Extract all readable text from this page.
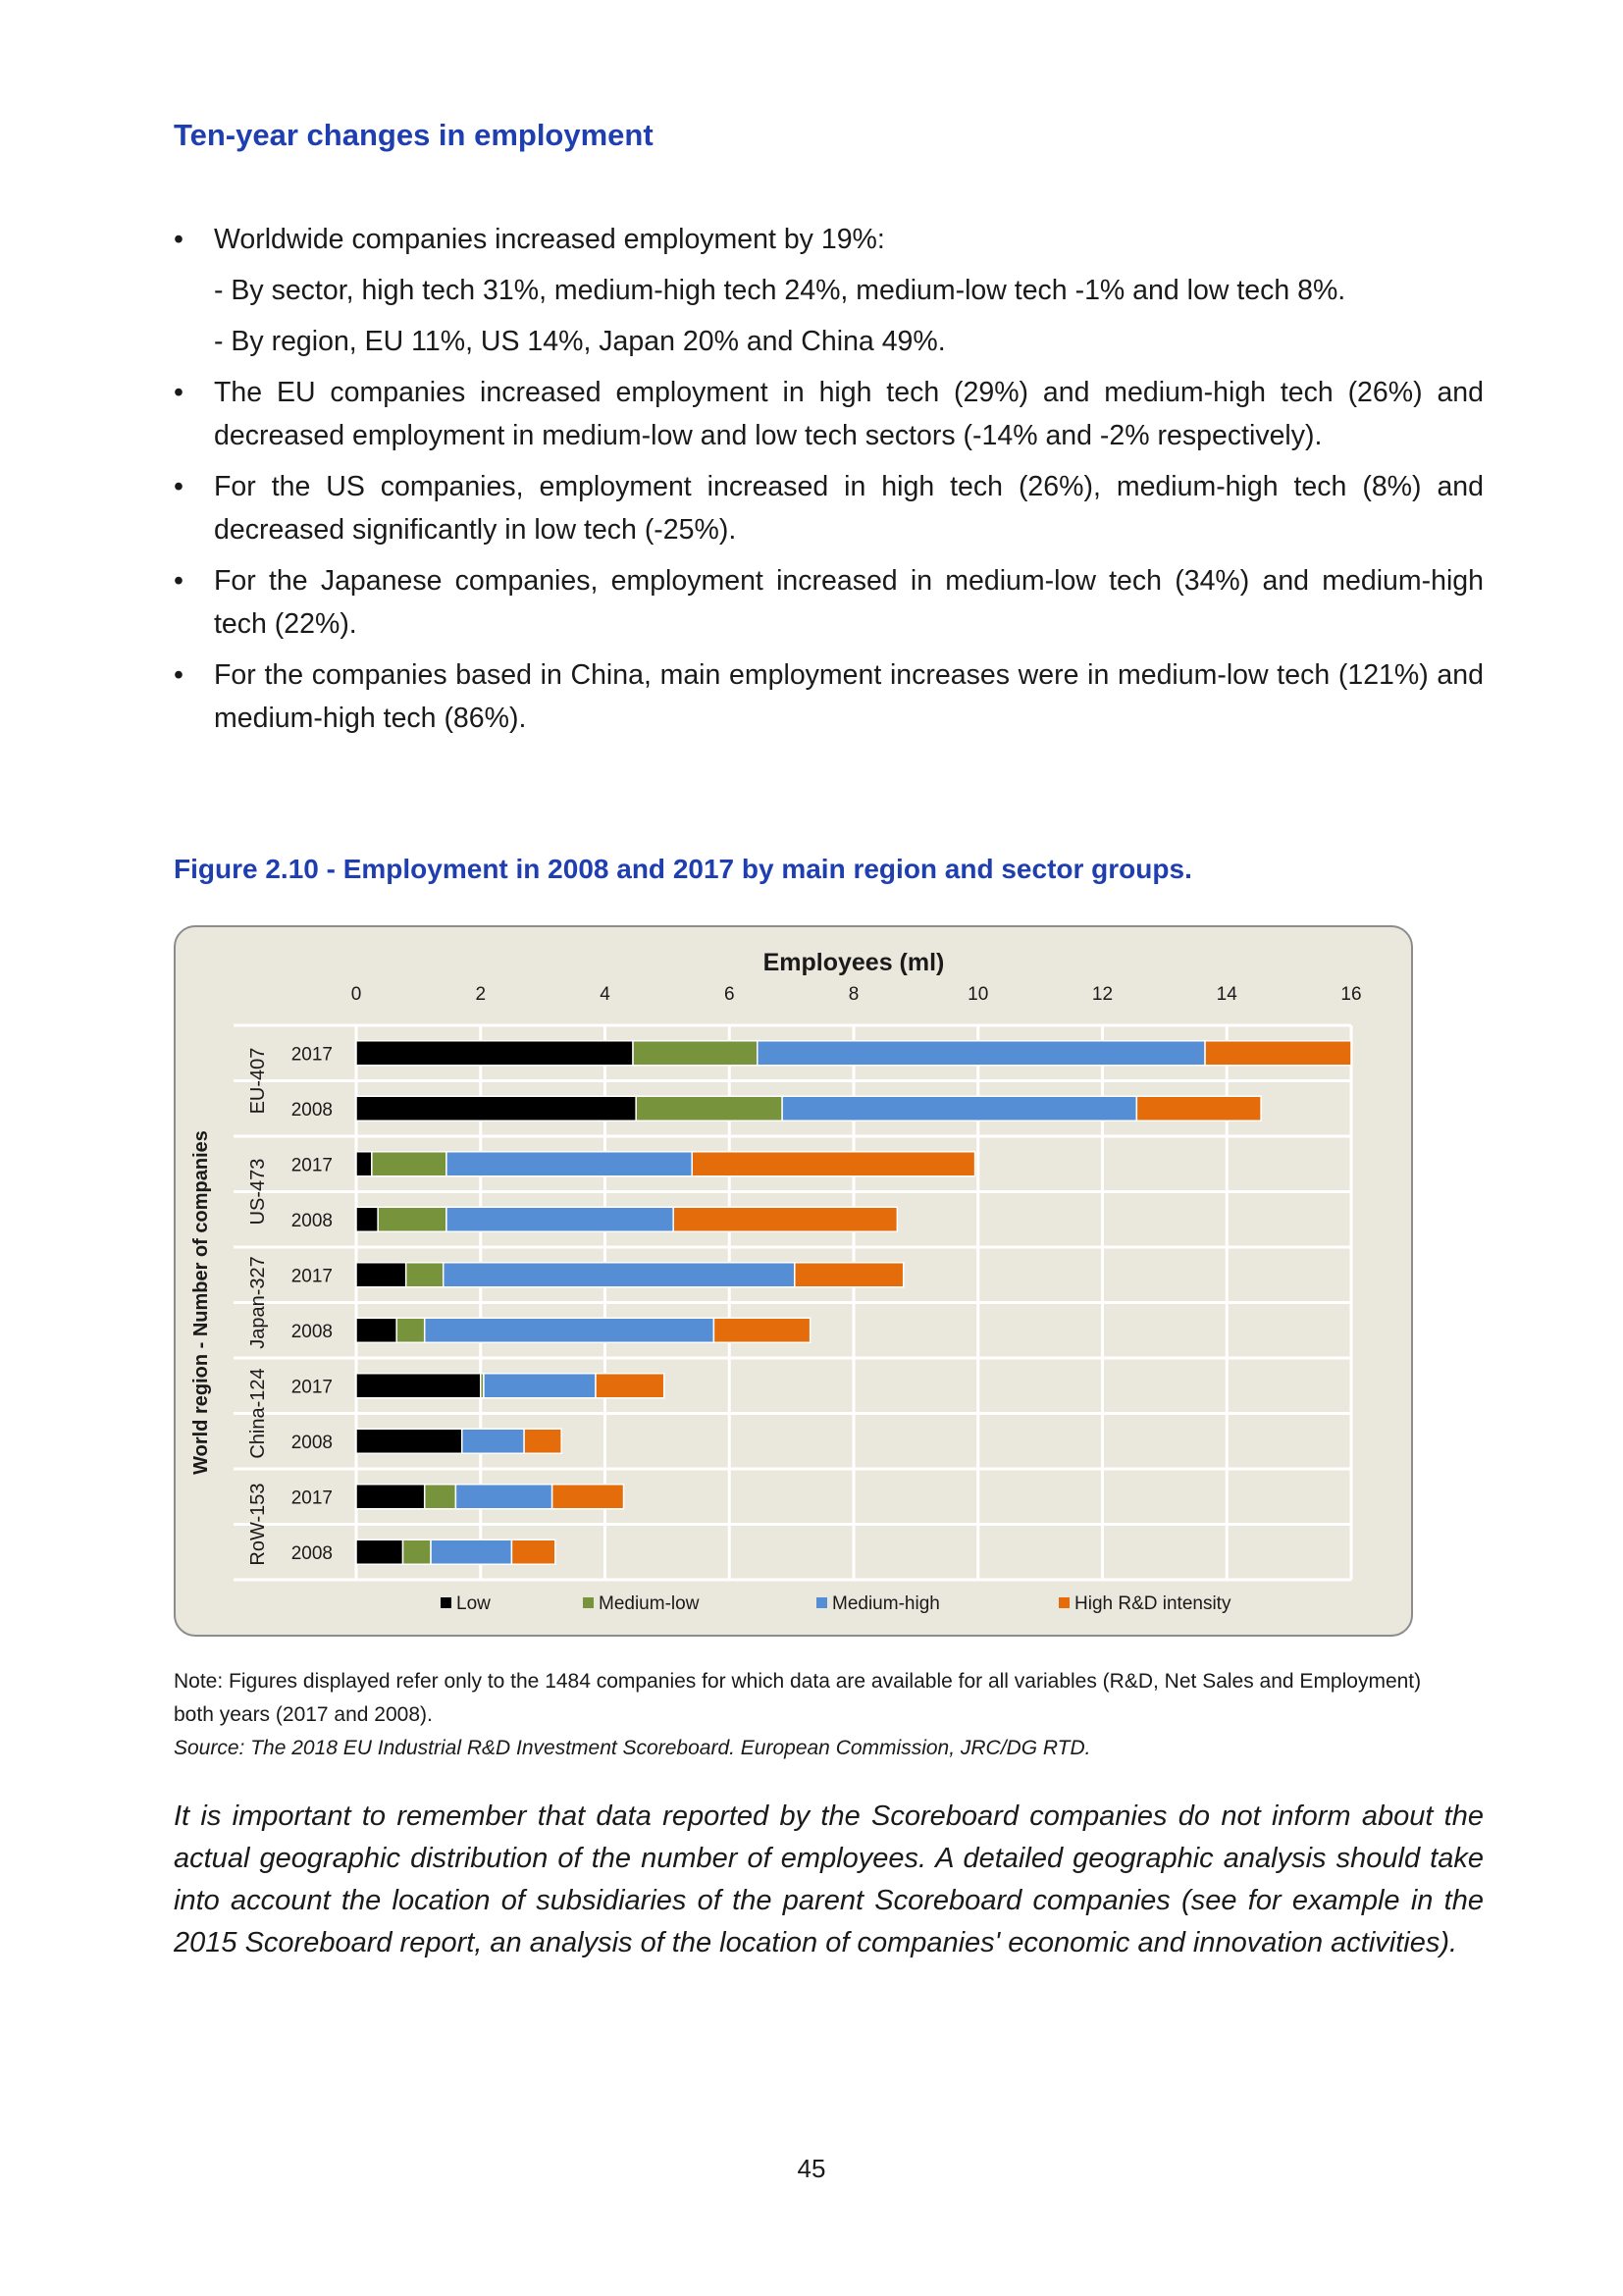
Ten-year changes in employment
• Worldwide companies increased employment by 19%:
- By sector, high tech 31%, medium-high tech 24%, medium-low tech -1% and low tech 8%.
- By region, EU 11%, US 14%, Japan 20% and China 49%.
• The EU companies increased employment in high tech (29%) and medium-high tech (26%) and decreased employment in medium-low and low tech sectors (-14% and -2% respectively).
• For the US companies, employment increased in high tech (26%), medium-high tech (8%) and decreased significantly in low tech (-25%).
• For the Japanese companies, employment increased in medium-low tech (34%) and medium-high tech (22%).
• For the companies based in China, main employment increases were in medium-low tech (121%) and medium-high tech (86%).
Figure 2.10 - Employment in 2008 and 2017 by main region and sector groups.
Employees (ml)
0	2	4	6	8	10	12	14	16
2017
2008
EU-407
2017
2008
US-473
2017
2008
Japan-327
2017
2008
China-124
2017
2008
RoW-153
World region - Number of companies
Low	Medium-low	Medium-high	High R&D intensity

Note: Figures displayed refer only to the 1484 companies for which data are available for all variables (R&D, Net Sales and Employment) both years (2017 and 2008).
Source: The 2018 EU Industrial R&D Investment Scoreboard. European Commission, JRC/DG RTD.

It is important to remember that data reported by the Scoreboard companies do not inform about the actual geographic distribution of the number of employees. A detailed geographic analysis should take into account the location of subsidiaries of the parent Scoreboard companies (see for example in the 2015 Scoreboard report, an analysis of the location of companies' economic and innovation activities).

45
